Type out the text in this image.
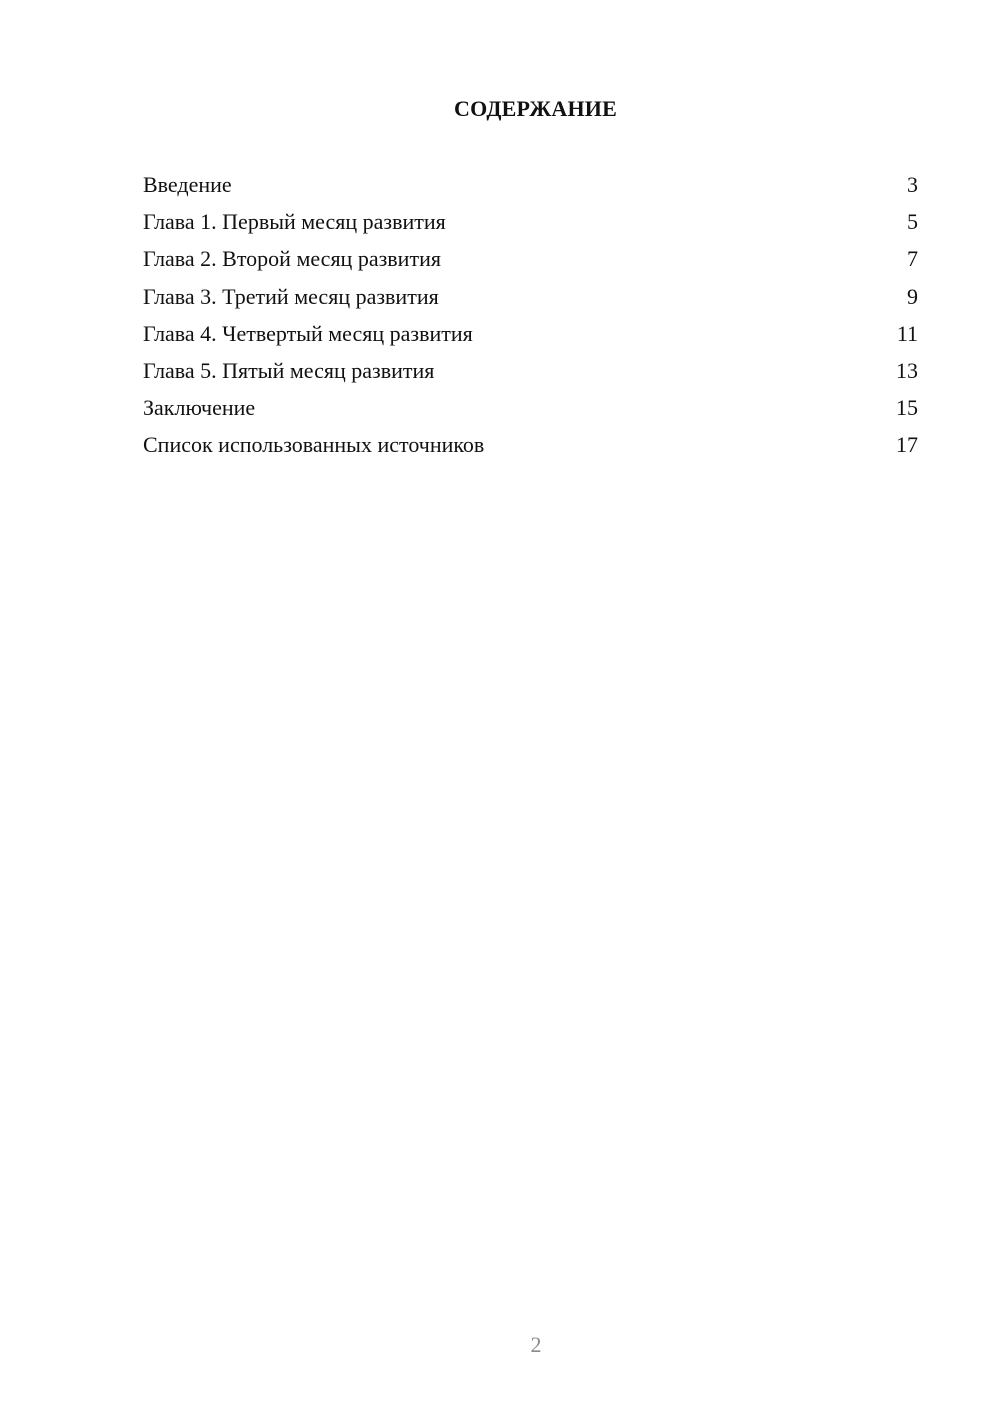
СОДЕРЖАНИЕ
Введение	3
Глава 1. Первый месяц развития	5
Глава 2. Второй месяц развития	7
Глава 3. Третий месяц развития	9
Глава 4. Четвертый месяц развития	11
Глава 5. Пятый месяц развития	13
Заключение	15
Список использованных источников	17
2
